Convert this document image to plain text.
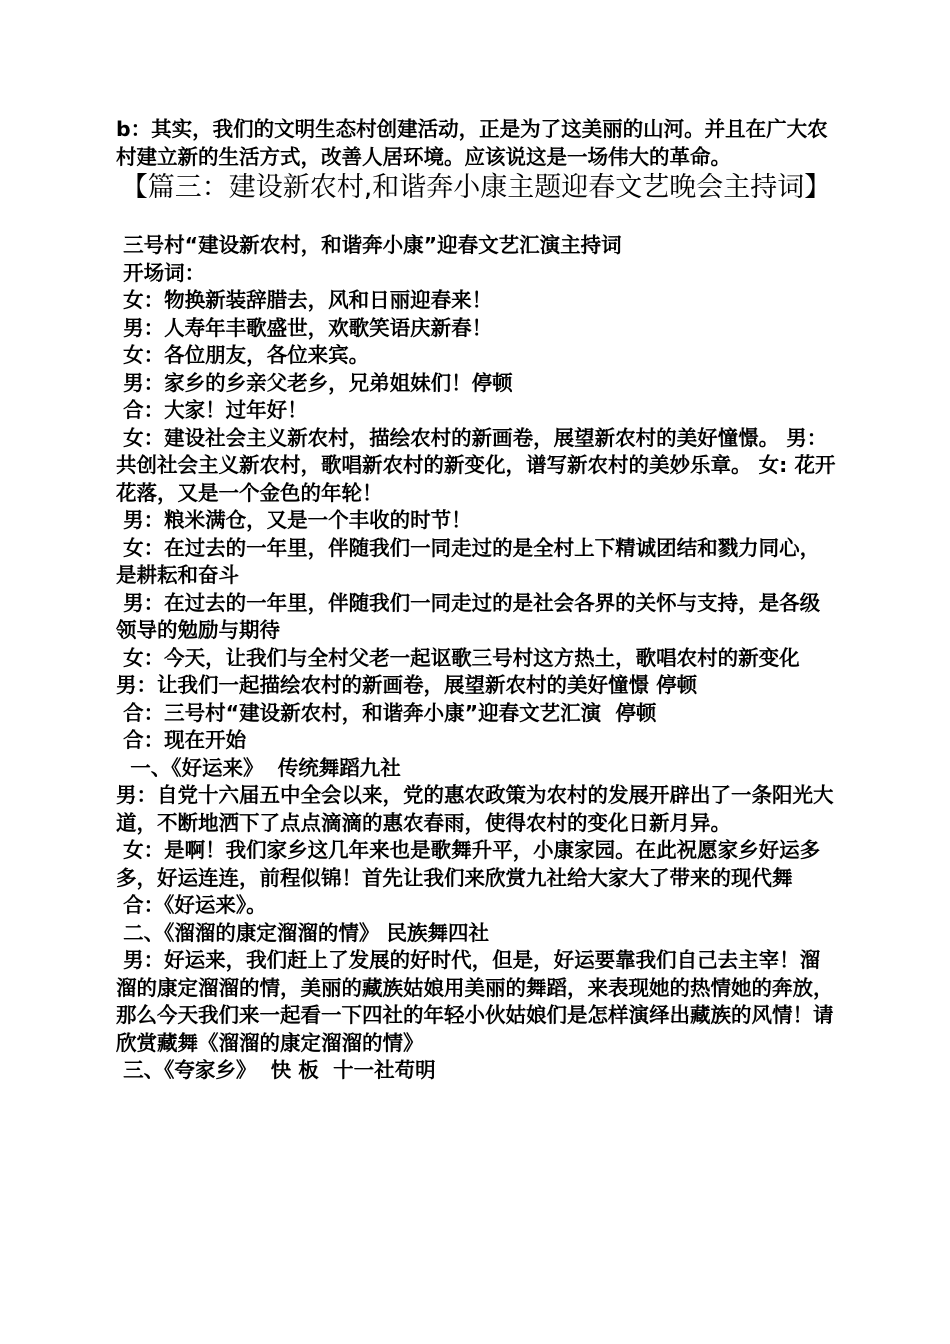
b：其实，我们的文明生态村创建活动，正是为了这美丽的山河。并且在广大农村建立新的生活方式，改善人居环境。应该说这是一场伟大的革命。

【篇三：建设新农村,和谐奔小康主题迎春文艺晚会主持词】

三号村“建设新农村，和谐奔小康”迎春文艺汇演主持词

开场词：

女：物换新装辞腊去，风和日丽迎春来！

男：人寿年丰歌盛世，欢歌笑语庆新春！

女：各位朋友，各位来宾。

男：家乡的乡亲父老乡，兄弟姐妹们！停顿

合：大家！过年好！

女：建设社会主义新农村，描绘农村的新画卷，展望新农村的美好憧憬。 男：共创社会主义新农村，歌唱新农村的新变化，谱写新农村的美妙乐章。 女: 花开花落，又是一个金色的年轮！

男：粮米满仓，又是一个丰收的时节！

女：在过去的一年里，伴随我们一同走过的是全村上下精诚团结和戮力同心，是耕耘和奋斗

男：在过去的一年里，伴随我们一同走过的是社会各界的关怀与支持，是各级领导的勉励与期待

女：今天，让我们与全村父老一起讴歌三号村这方热土，歌唱农村的新变化 男：让我们一起描绘农村的新画卷，展望新农村的美好憧憬 停顿

合：三号村“建设新农村，和谐奔小康”迎春文艺汇演  停顿

合：现在开始

一、《好运来》  传统舞蹈九社

男：自党十六届五中全会以来，党的惠农政策为农村的发展开辟出了一条阳光大道，不断地洒下了点点滴滴的惠农春雨，使得农村的变化日新月异。

女：是啊！我们家乡这几年来也是歌舞升平，小康家园。在此祝愿家乡好运多多，好运连连，前程似锦！首先让我们来欣赏九社给大家大了带来的现代舞

合：《好运来》。

二、《溜溜的康定溜溜的情》 民族舞四社

男：好运来，我们赶上了发展的好时代，但是，好运要靠我们自己去主宰！溜溜的康定溜溜的情，美丽的藏族姑娘用美丽的舞蹈，来表现她的热情她的奔放，那么今天我们来一起看一下四社的年轻小伙姑娘们是怎样演绎出藏族的风情！请欣赏藏舞《溜溜的康定溜溜的情》

三、《夸家乡》  快 板  十一社苟明
